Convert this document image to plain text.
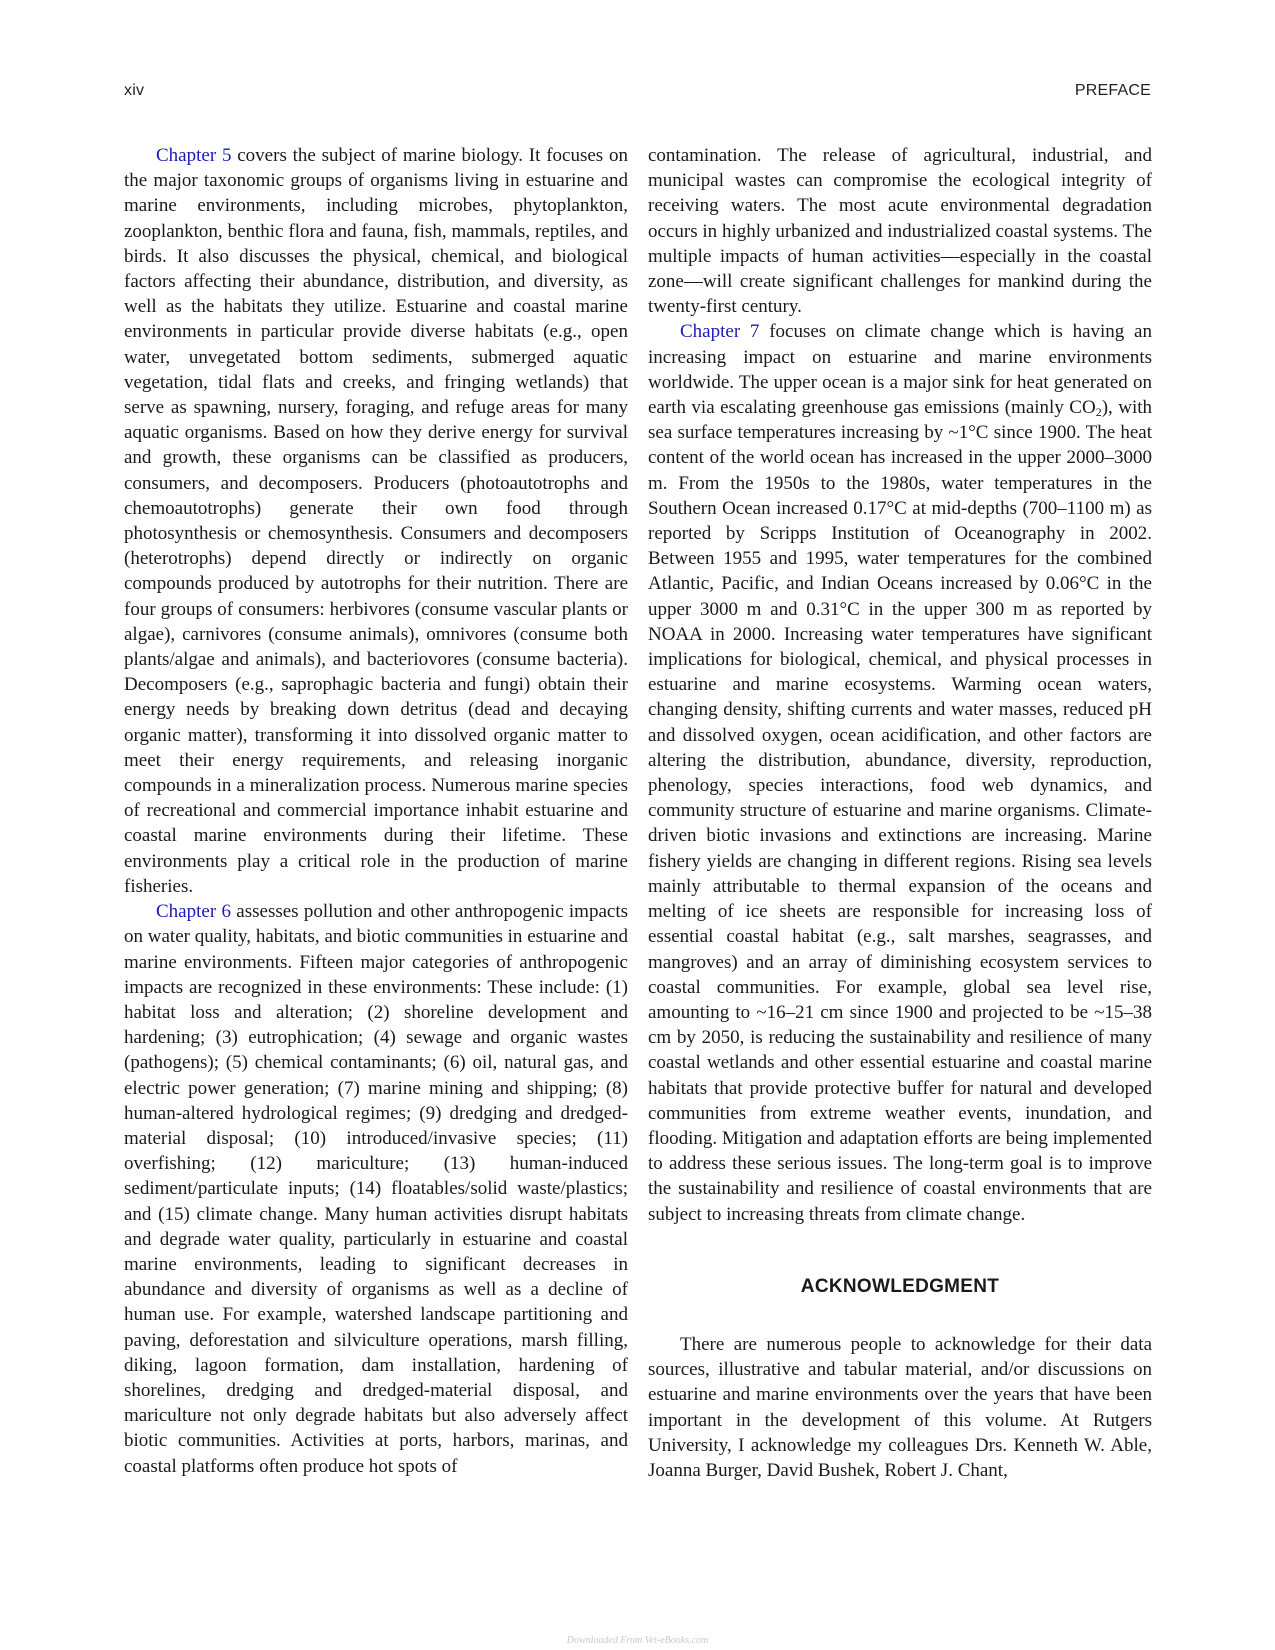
xiv	PREFACE

Chapter 5 covers the subject of marine biology. It focuses on the major taxonomic groups of organisms living in estuarine and marine environments, including microbes, phytoplankton, zooplankton, benthic flora and fauna, fish, mammals, reptiles, and birds. It also discusses the physical, chemical, and biological factors affecting their abundance, distribution, and diversity, as well as the habitats they utilize. Estuarine and coastal marine environments in particular provide diverse habitats (e.g., open water, unvegetated bottom sediments, submerged aquatic vegetation, tidal flats and creeks, and fringing wetlands) that serve as spawning, nursery, foraging, and refuge areas for many aquatic organisms. Based on how they derive energy for survival and growth, these organisms can be classified as producers, consumers, and decomposers. Producers (photoautotrophs and chemoautotrophs) generate their own food through photosynthesis or chemosynthesis. Consumers and decomposers (heterotrophs) depend directly or indirectly on organic compounds produced by autotrophs for their nutrition. There are four groups of consumers: herbivores (consume vascular plants or algae), carnivores (consume animals), omnivores (consume both plants/algae and animals), and bacteriovores (consume bacteria). Decomposers (e.g., saprophagic bacteria and fungi) obtain their energy needs by breaking down detritus (dead and decaying organic matter), transforming it into dissolved organic matter to meet their energy requirements, and releasing inorganic compounds in a mineralization process. Numerous marine species of recreational and commercial importance inhabit estuarine and coastal marine environments during their lifetime. These environments play a critical role in the production of marine fisheries.

Chapter 6 assesses pollution and other anthropogenic impacts on water quality, habitats, and biotic communities in estuarine and marine environments. Fifteen major categories of anthropogenic impacts are recognized in these environments: These include: (1) habitat loss and alteration; (2) shoreline development and hardening; (3) eutrophication; (4) sewage and organic wastes (pathogens); (5) chemical contaminants; (6) oil, natural gas, and electric power generation; (7) marine mining and shipping; (8) human-altered hydrological regimes; (9) dredging and dredged-material disposal; (10) introduced/invasive species; (11) overfishing; (12) mariculture; (13) human-induced sediment/particulate inputs; (14) floatables/solid waste/plastics; and (15) climate change. Many human activities disrupt habitats and degrade water quality, particularly in estuarine and coastal marine environments, leading to significant decreases in abundance and diversity of organisms as well as a decline of human use. For example, watershed landscape partitioning and paving, deforestation and silviculture operations, marsh filling, diking, lagoon formation, dam installation, hardening of shorelines, dredging and dredged-material disposal, and mariculture not only degrade habitats but also adversely affect biotic communities. Activities at ports, harbors, marinas, and coastal platforms often produce hot spots of

contamination. The release of agricultural, industrial, and municipal wastes can compromise the ecological integrity of receiving waters. The most acute environmental degradation occurs in highly urbanized and industrialized coastal systems. The multiple impacts of human activities—especially in the coastal zone—will create significant challenges for mankind during the twenty-first century.

Chapter 7 focuses on climate change which is having an increasing impact on estuarine and marine environments worldwide. The upper ocean is a major sink for heat generated on earth via escalating greenhouse gas emissions (mainly $CO_2$), with sea surface temperatures increasing by ~1°C since 1900. The heat content of the world ocean has increased in the upper 2000–3000 m. From the 1950s to the 1980s, water temperatures in the Southern Ocean increased 0.17°C at mid-depths (700–1100 m) as reported by Scripps Institution of Oceanography in 2002. Between 1955 and 1995, water temperatures for the combined Atlantic, Pacific, and Indian Oceans increased by 0.06°C in the upper 3000 m and 0.31°C in the upper 300 m as reported by NOAA in 2000. Increasing water temperatures have significant implications for biological, chemical, and physical processes in estuarine and marine ecosystems. Warming ocean waters, changing density, shifting currents and water masses, reduced pH and dissolved oxygen, ocean acidification, and other factors are altering the distribution, abundance, diversity, reproduction, phenology, species interactions, food web dynamics, and community structure of estuarine and marine organisms. Climate-driven biotic invasions and extinctions are increasing. Marine fishery yields are changing in different regions. Rising sea levels mainly attributable to thermal expansion of the oceans and melting of ice sheets are responsible for increasing loss of essential coastal habitat (e.g., salt marshes, seagrasses, and mangroves) and an array of diminishing ecosystem services to coastal communities. For example, global sea level rise, amounting to ~16–21 cm since 1900 and projected to be ~15–38 cm by 2050, is reducing the sustainability and resilience of many coastal wetlands and other essential estuarine and coastal marine habitats that provide protective buffer for natural and developed communities from extreme weather events, inundation, and flooding. Mitigation and adaptation efforts are being implemented to address these serious issues. The long-term goal is to improve the sustainability and resilience of coastal environments that are subject to increasing threats from climate change.

ACKNOWLEDGMENT

There are numerous people to acknowledge for their data sources, illustrative and tabular material, and/or discussions on estuarine and marine environments over the years that have been important in the development of this volume. At Rutgers University, I acknowledge my colleagues Drs. Kenneth W. Able, Joanna Burger, David Bushek, Robert J. Chant,

Downloaded From Vet-eBooks.com
